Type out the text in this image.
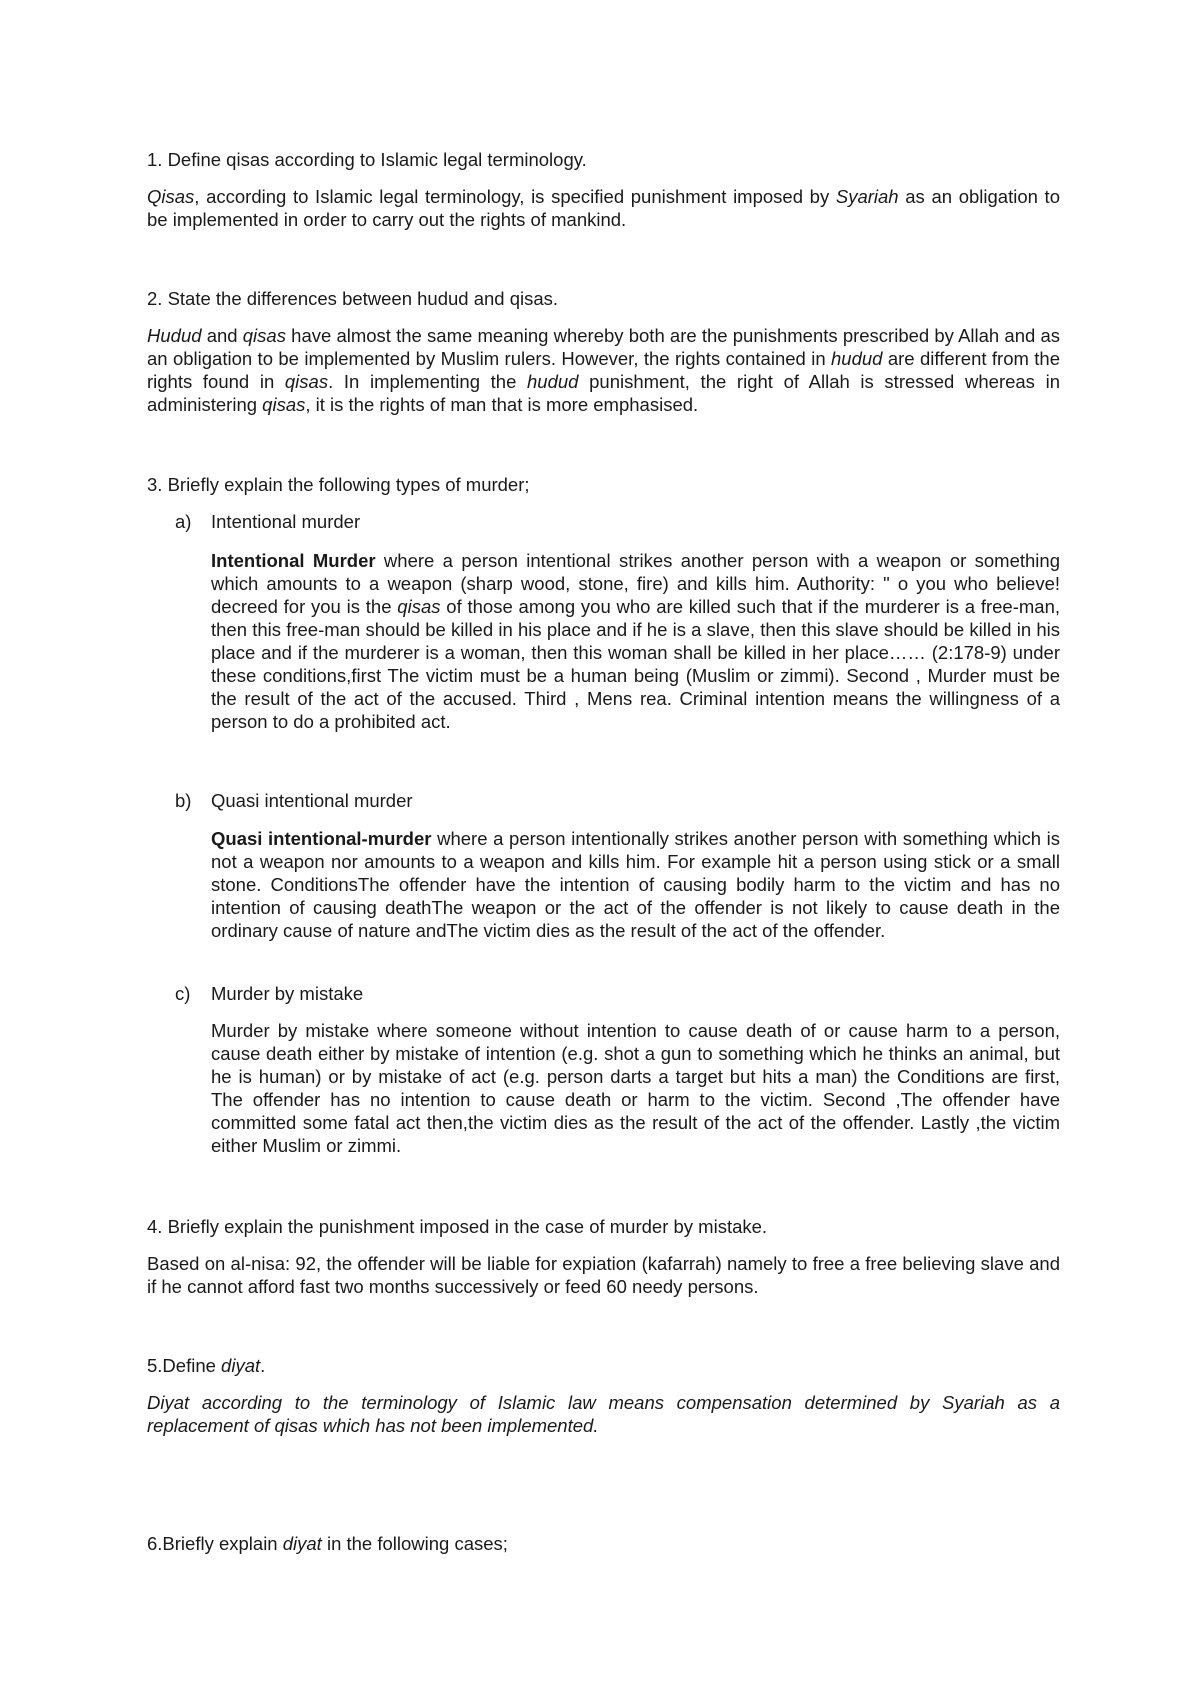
1. Define qisas according to Islamic legal terminology.

Qisas, according to Islamic legal terminology, is specified punishment imposed by Syariah as an obligation to be implemented in order to carry out the rights of mankind.

2. State the differences between hudud and qisas.

Hudud and qisas have almost the same meaning whereby both are the punishments prescribed by Allah and as an obligation to be implemented by Muslim rulers. However, the rights contained in hudud are different from the rights found in qisas. In implementing the hudud punishment, the right of Allah is stressed whereas in administering qisas, it is the rights of man that is more emphasised.

3. Briefly explain the following types of murder;

a) Intentional murder

Intentional Murder where a person intentional strikes another person with a weapon or something which amounts to a weapon (sharp wood, stone, fire) and kills him. Authority: " o you who believe! decreed for you is the qisas of those among you who are killed such that if the murderer is a free-man, then this free-man should be killed in his place and if he is a slave, then this slave should be killed in his place and if the murderer is a woman, then this woman shall be killed in her place…… (2:178-9) under these conditions,first The victim must be a human being (Muslim or zimmi). Second , Murder must be the result of the act of the accused. Third , Mens rea. Criminal intention means the willingness of a person to do a prohibited act.

b) Quasi intentional murder

Quasi intentional-murder where a person intentionally strikes another person with something which is not a weapon nor amounts to a weapon and kills him. For example hit a person using stick or a small stone. ConditionsThe offender have the intention of causing bodily harm to the victim and has no intention of causing deathThe weapon or the act of the offender is not likely to cause death in the ordinary cause of nature andThe victim dies as the result of the act of the offender.

c) Murder by mistake

Murder by mistake where someone without intention to cause death of or cause harm to a person, cause death either by mistake of intention (e.g. shot a gun to something which he thinks an animal, but he is human) or by mistake of act (e.g. person darts a target but hits a man) the Conditions are first, The offender has no intention to cause death or harm to the victim. Second ,The offender have committed some fatal act then,the victim dies as the result of the act of the offender. Lastly ,the victim either Muslim or zimmi.

4. Briefly explain the punishment imposed in the case of murder by mistake.

Based on al-nisa: 92, the offender will be liable for expiation (kafarrah) namely to free a free believing slave and if he cannot afford fast two months successively or feed 60 needy persons.

5.Define diyat.

Diyat according to the terminology of Islamic law means compensation determined by Syariah as a replacement of qisas which has not been implemented.

6.Briefly explain diyat in the following cases;
